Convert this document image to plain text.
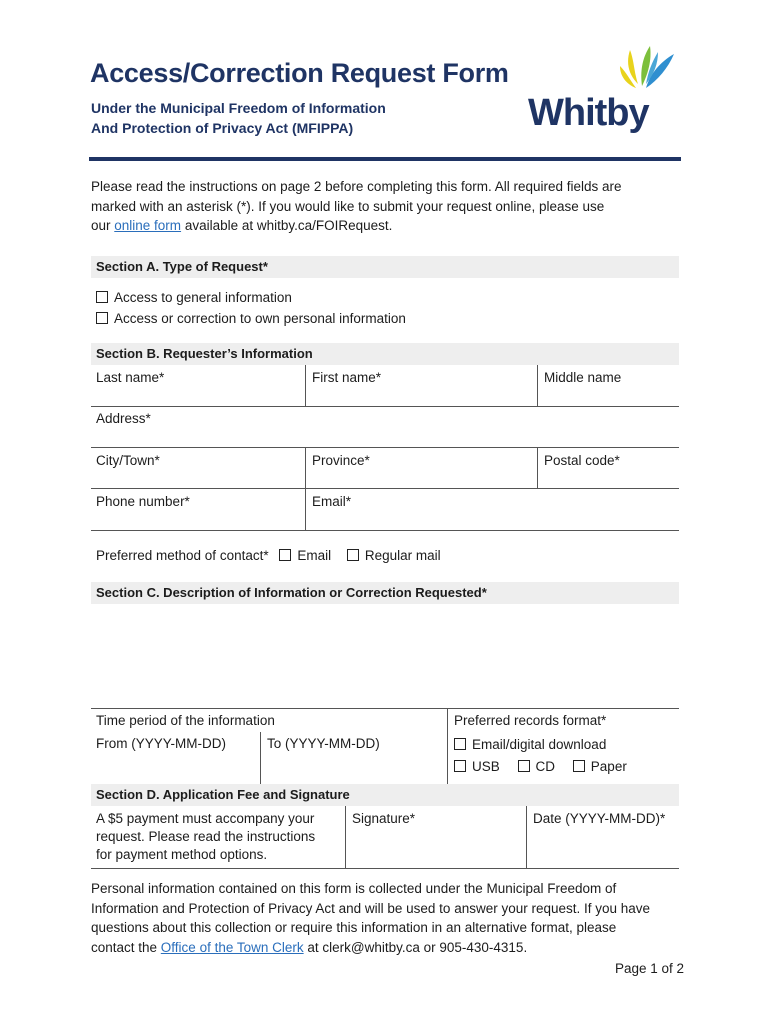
Access/Correction Request Form
Under the Municipal Freedom of Information
And Protection of Privacy Act (MFIPPA)	Whitby
Please read the instructions on page 2 before completing this form. All required fields are
marked with an asterisk (*). If you would like to submit your request online, please use
our online form available at whitby.ca/FOIRequest.
Section A. Type of Request*
Access to general information
Access or correction to own personal information
Section B. Requester’s Information
Last name*	First name*	Middle name
Address*
City/Town*	Province*	Postal code*
Phone number*	Email*
Preferred method of contact* Email	Regular mail
Section C. Description of Information or Correction Requested*
Time period of the information
From (YYYY-MM-DD)	To (YYYY-MM-DD)
Preferred records format*
Email/digital download
USB	CD	Paper
Section D. Application Fee and Signature
A $5 payment must accompany your
request. Please read the instructions
for payment method options.
Signature*	Date (YYYY-MM-DD)*
Personal information contained on this form is collected under the Municipal Freedom of
Information and Protection of Privacy Act and will be used to answer your request. If you have
questions about this collection or require this information in an alternative format, please
contact the Office of the Town Clerk at clerk@whitby.ca or 905-430-4315.
Page 1 of 2
